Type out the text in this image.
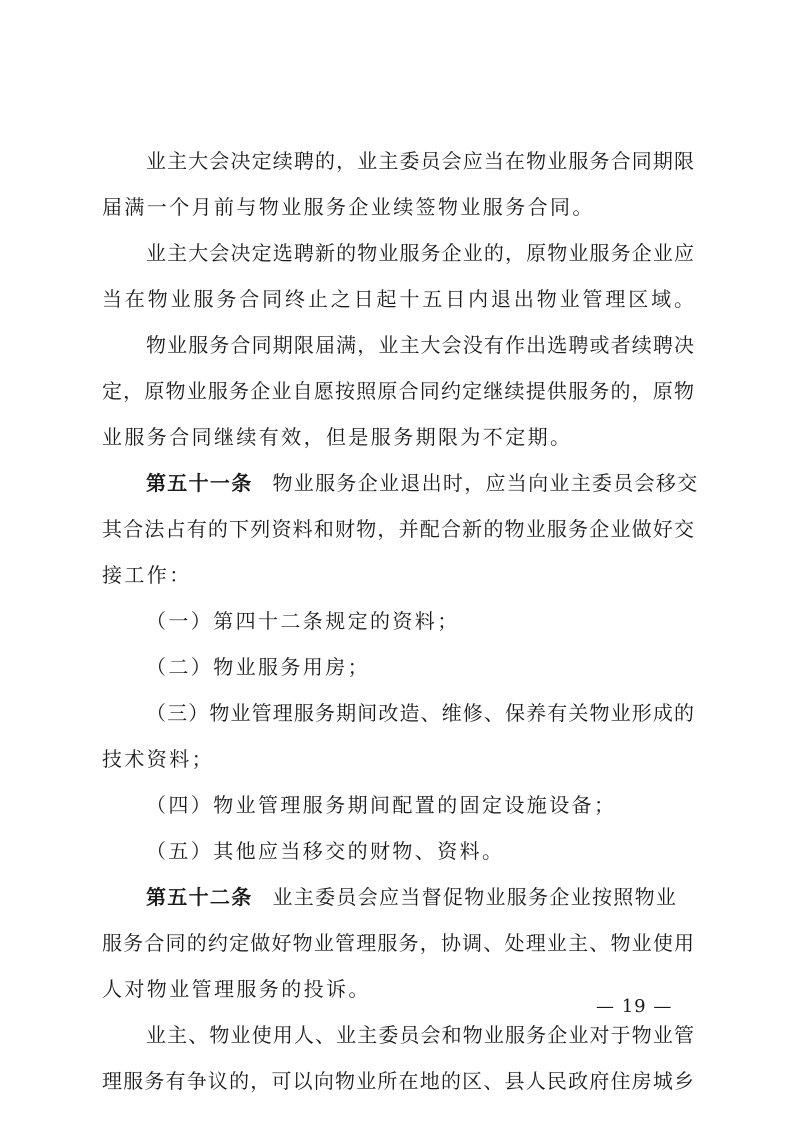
业主大会决定续聘的，业主委员会应当在物业服务合同期限
届满一个月前与物业服务企业续签物业服务合同。
业主大会决定选聘新的物业服务企业的，原物业服务企业应
当在物业服务合同终止之日起十五日内退出物业管理区域。
物业服务合同期限届满，业主大会没有作出选聘或者续聘决
定，原物业服务企业自愿按照原合同约定继续提供服务的，原物
业服务合同继续有效，但是服务期限为不定期。
第五十一条 物业服务企业退出时，应当向业主委员会移交
其合法占有的下列资料和财物，并配合新的物业服务企业做好交
接工作：
（一）第四十二条规定的资料；
（二）物业服务用房；
（三）物业管理服务期间改造、维修、保养有关物业形成的
技术资料；
（四）物业管理服务期间配置的固定设施设备；
（五）其他应当移交的财物、资料。
第五十二条 业主委员会应当督促物业服务企业按照物业
服务合同的约定做好物业管理服务，协调、处理业主、物业使用
人对物业管理服务的投诉。
业主、物业使用人、业主委员会和物业服务企业对于物业管
理服务有争议的，可以向物业所在地的区、县人民政府住房城乡
— 19 —
